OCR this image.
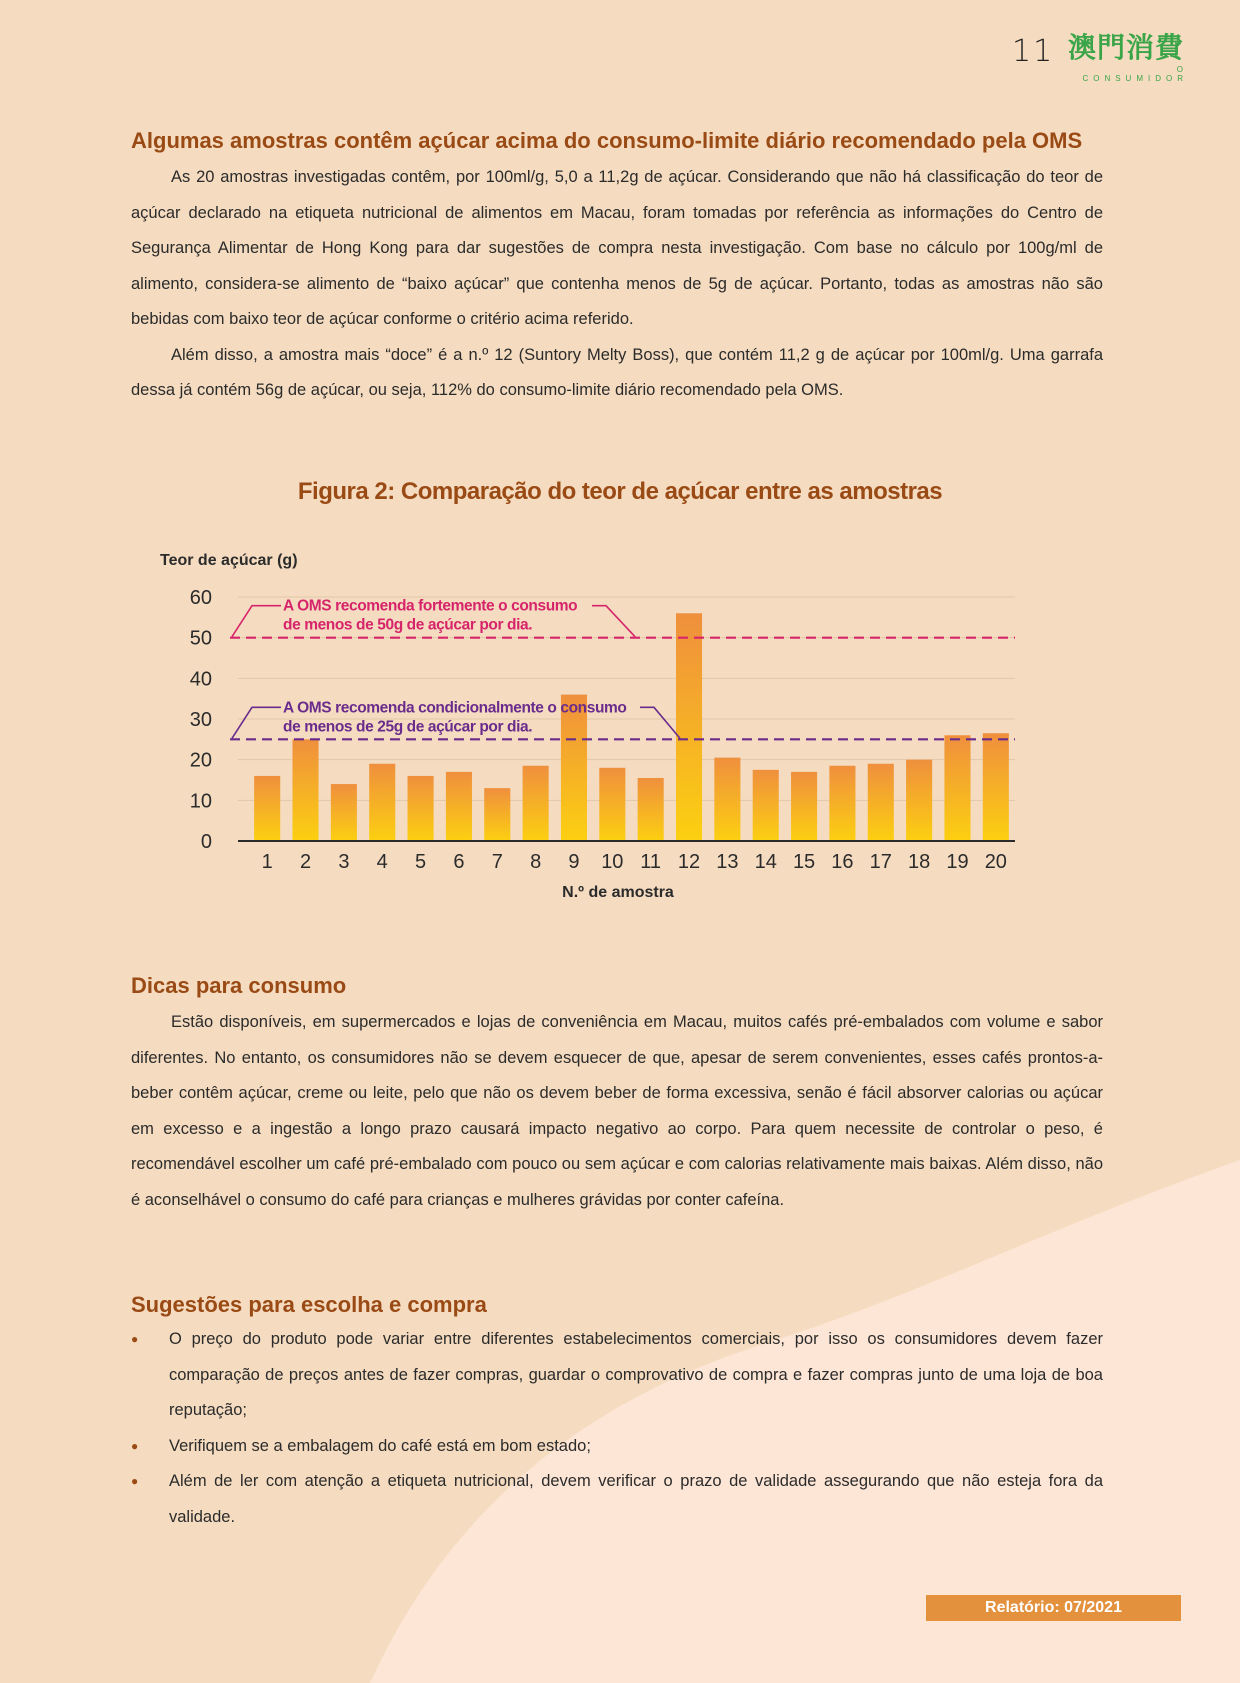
11 澳門消費
O CONSUMIDOR
Algumas amostras contêm açúcar acima do consumo-limite diário recomendado pela OMS

As 20 amostras investigadas contêm, por 100ml/g, 5,0 a 11,2g de açúcar. Considerando que não há classificação do teor de açúcar declarado na etiqueta nutricional de alimentos em Macau, foram tomadas por referência as informações do Centro de Segurança Alimentar de Hong Kong para dar sugestões de compra nesta investigação. Com base no cálculo por 100g/ml de alimento, considera-se alimento de “baixo açúcar” que contenha menos de 5g de açúcar. Portanto, todas as amostras não são bebidas com baixo teor de açúcar conforme o critério acima referido.

Além disso, a amostra mais “doce” é a n.º 12 (Suntory Melty Boss), que contém 11,2 g de açúcar por 100ml/g. Uma garrafa dessa já contém 56g de açúcar, ou seja, 112% do consumo-limite diário recomendado pela OMS.

Figura 2: Comparação do teor de açúcar entre as amostras
Teor de açúcar (g)
0
10
20
30
40
50
60	A OMS recomenda fortemente o consumo
de menos de 50g de açúcar por dia.
A OMS recomenda condicionalmente o consumo
de menos de 25g de açúcar por dia.
1 2 3 4 5 6 7 8 9 10 11 12 13 14 15 16 17 18 19 20
N.º de amostra
Dicas para consumo

Estão disponíveis, em supermercados e lojas de conveniência em Macau, muitos cafés pré-embalados com volume e sabor diferentes. No entanto, os consumidores não se devem esquecer de que, apesar de serem convenientes, esses cafés prontos-a-beber contêm açúcar, creme ou leite, pelo que não os devem beber de forma excessiva, senão é fácil absorver calorias ou açúcar em excesso e a ingestão a longo prazo causará impacto negativo ao corpo. Para quem necessite de controlar o peso, é recomendável escolher um café pré-embalado com pouco ou sem açúcar e com calorias relativamente mais baixas. Além disso, não é aconselhável o consumo do café para crianças e mulheres grávidas por conter cafeína.

Sugestões para escolha e compra
● O preço do produto pode variar entre diferentes estabelecimentos comerciais, por isso os consumidores devem fazer comparação de preços antes de fazer compras, guardar o comprovativo de compra e fazer compras junto de uma loja de boa reputação;
● Verifiquem se a embalagem do café está em bom estado;
● Além de ler com atenção a etiqueta nutricional, devem verificar o prazo de validade assegurando que não esteja fora da validade.
Relatório: 07/2021
